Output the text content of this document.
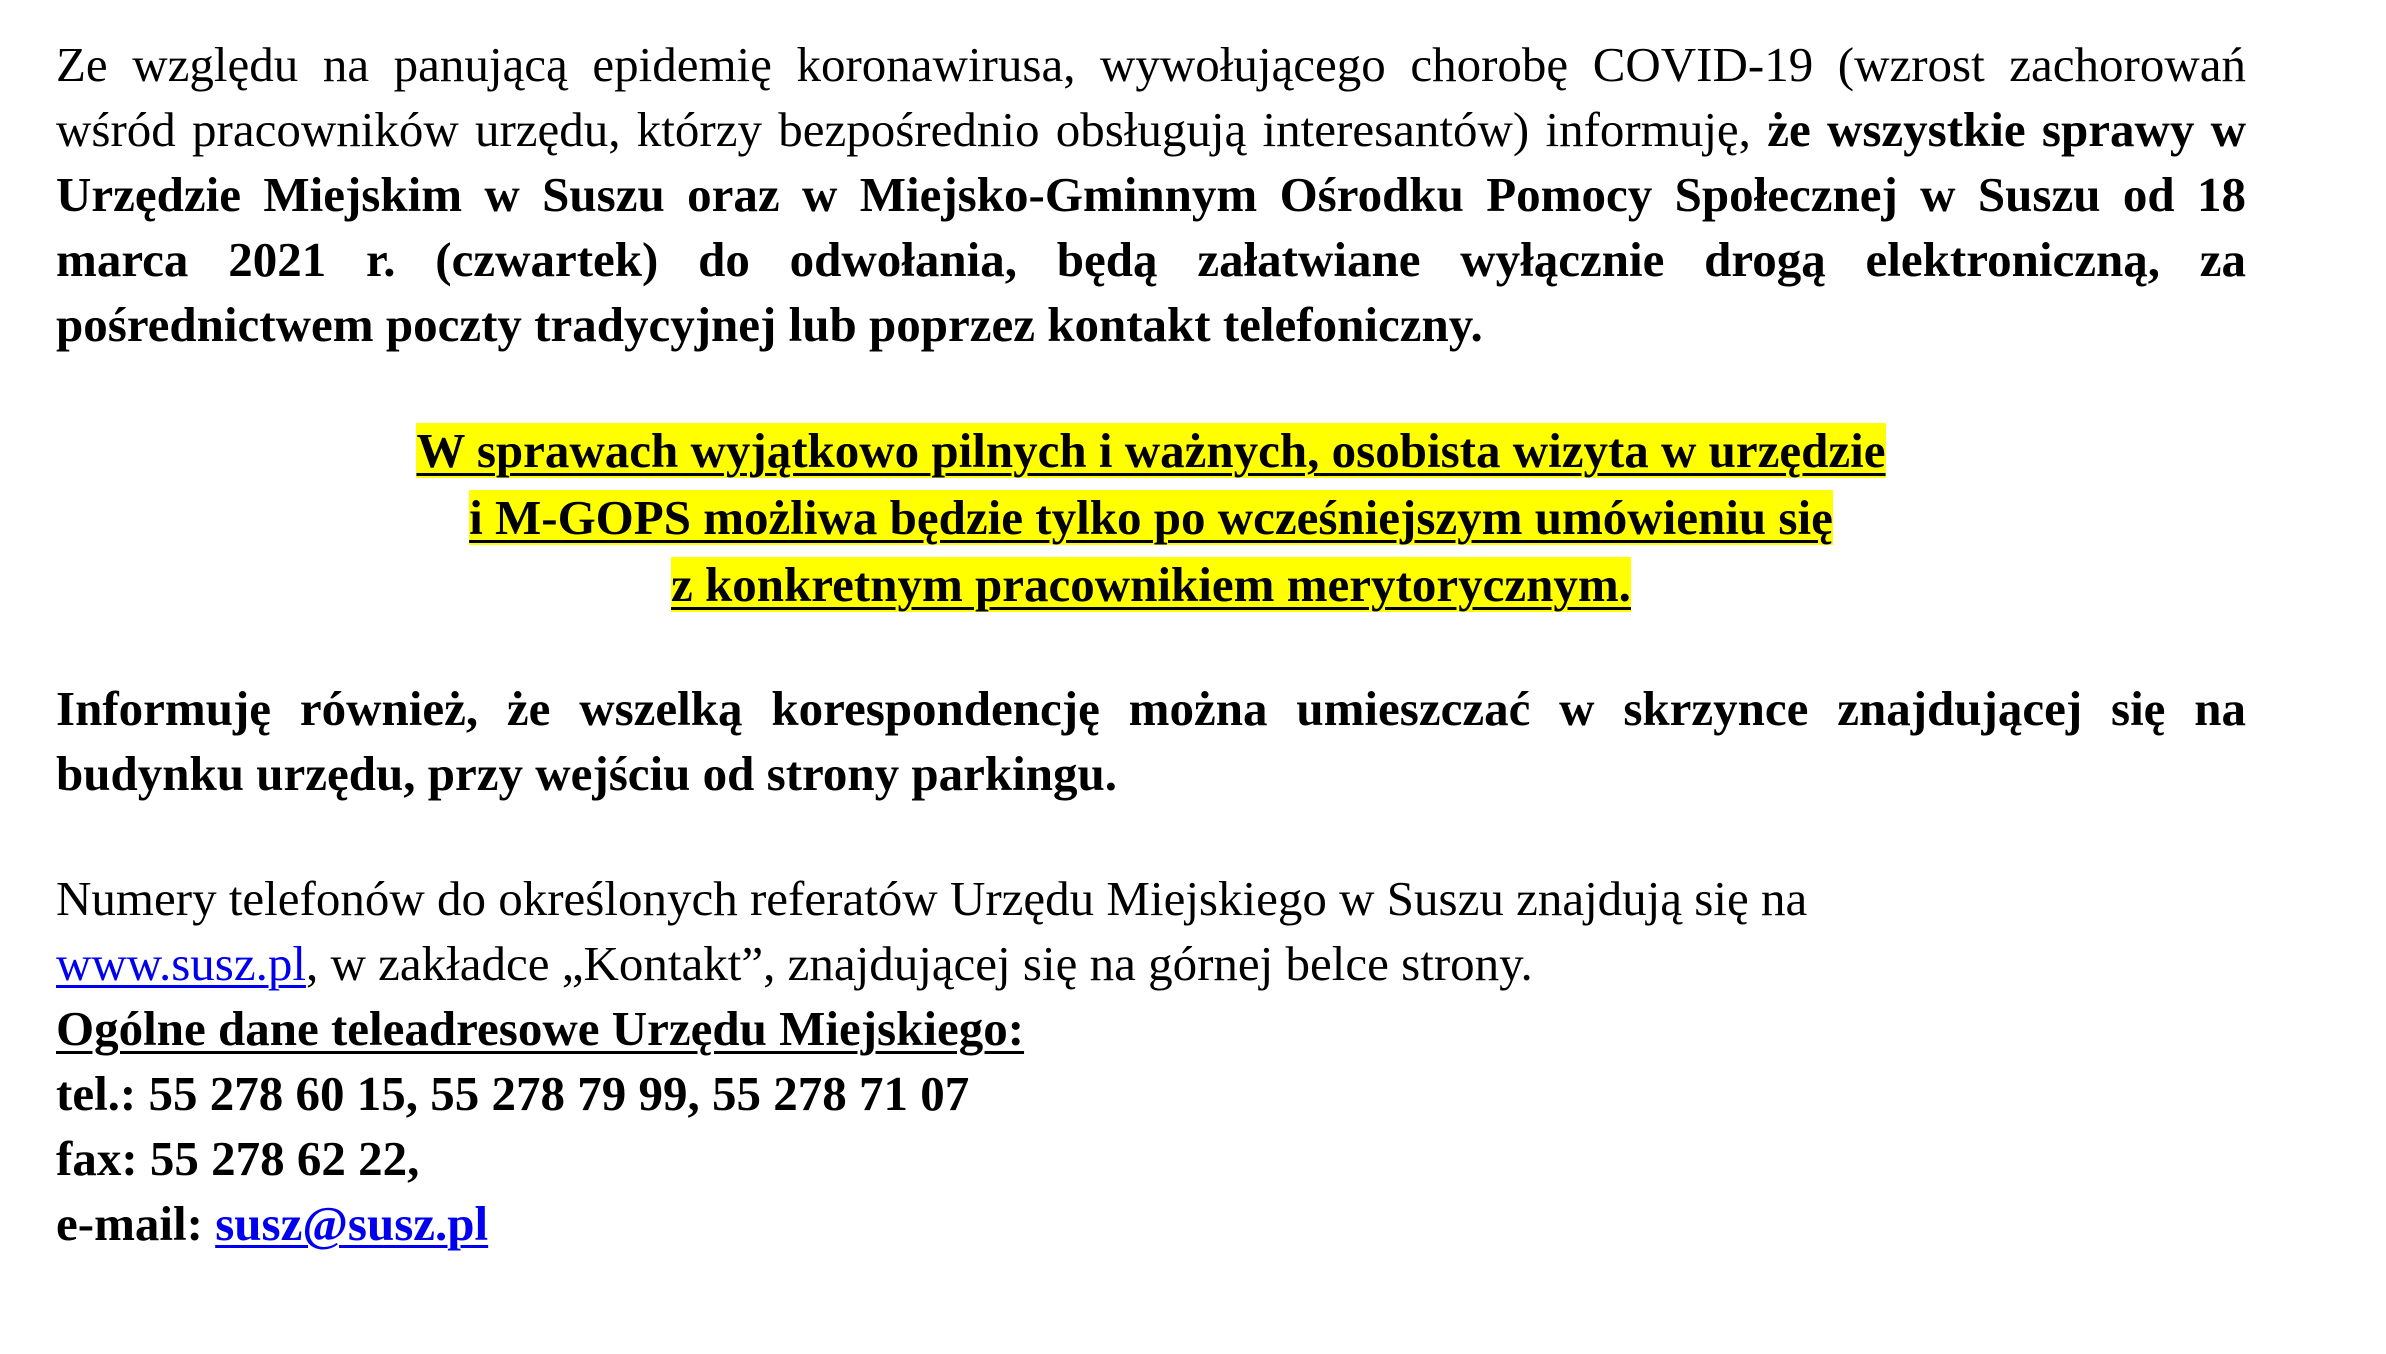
Ze względu na panującą epidemię koronawirusa, wywołującego chorobę COVID-19 (wzrost zachorowań wśród pracowników urzędu, którzy bezpośrednio obsługują interesantów) informuję, że wszystkie sprawy w Urzędzie Miejskim w Suszu oraz w Miejsko-Gminnym Ośrodku Pomocy Społecznej w Suszu od 18 marca 2021 r. (czwartek) do odwołania, będą załatwiane wyłącznie drogą elektroniczną, za pośrednictwem poczty tradycyjnej lub poprzez kontakt telefoniczny.

W sprawach wyjątkowo pilnych i ważnych, osobista wizyta w urzędzie
i M-GOPS możliwa będzie tylko po wcześniejszym umówieniu się
z konkretnym pracownikiem merytorycznym.

Informuję również, że wszelką korespondencję można umieszczać w skrzynce znajdującej się na budynku urzędu, przy wejściu od strony parkingu.

Numery telefonów do określonych referatów Urzędu Miejskiego w Suszu znajdują się na
www.susz.pl, w zakładce „Kontakt”, znajdującej się na górnej belce strony.
Ogólne dane teleadresowe Urzędu Miejskiego:
tel.: 55 278 60 15, 55 278 79 99, 55 278 71 07
fax: 55 278 62 22,
e-mail: susz@susz.pl
